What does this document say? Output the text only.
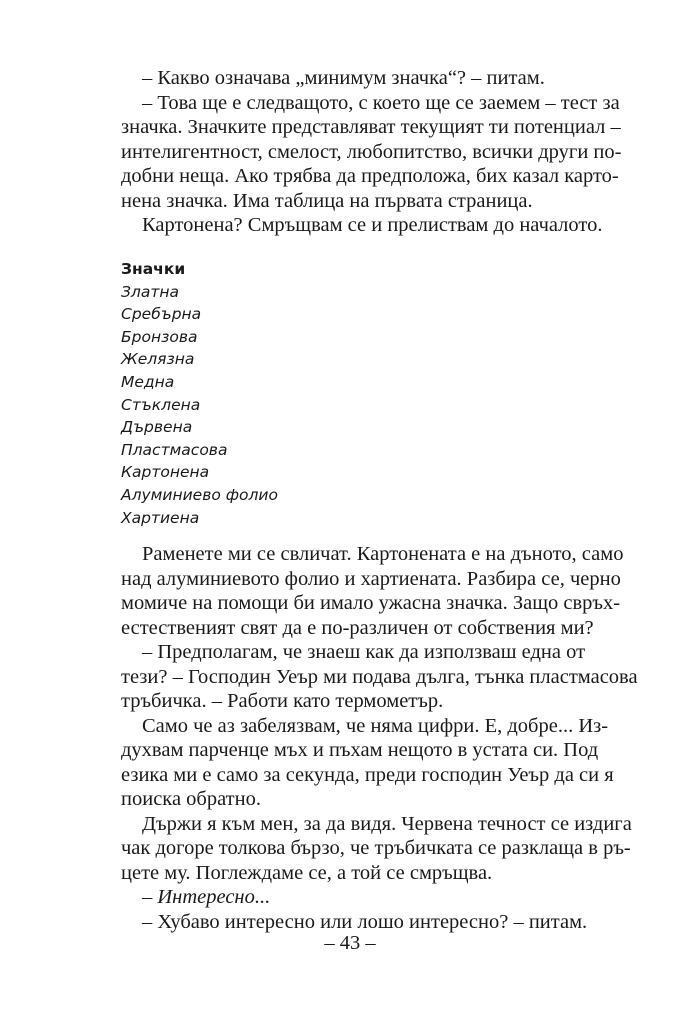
– Какво означава „минимум значка“? – питам.
– Това ще е следващото, с което ще се заемем – тест за
значка. Значките представляват текущият ти потенциал –
интелигентност, смелост, любопитство, всички други по-
добни неща. Ако трябва да предположа, бих казал карто-
нена значка. Има таблица на първата страница.
Картонена? Смръщвам се и прелиствам до началото.
Значки
Златна
Сребърна
Бронзова
Желязна
Медна
Стъклена
Дървена
Пластмасова
Картонена
Алуминиево фолио
Хартиена
Раменете ми се свличат. Картонената е на дъното, само
над алуминиевото фолио и хартиената. Разбира се, черно
момиче на помощи би имало ужасна значка. Защо свръх-
естественият свят да е по-различен от собствения ми?
– Предполагам, че знаеш как да използваш една от
тези? – Господин Уеър ми подава дълга, тънка пластмасова
тръбичка. – Работи като термометър.
Само че аз забелязвам, че няма цифри. Е, добре... Из-
духвам парченце мъх и пъхам нещото в устата си. Под
езика ми е само за секунда, преди господин Уеър да си я
поиска обратно.
Държи я към мен, за да видя. Червена течност се издига
чак догоре толкова бързо, че тръбичката се разклаща в ръ-
цете му. Поглеждаме се, а той се смръщва.
– Интересно...
– Хубаво интересно или лошо интересно? – питам.
– 43 –
